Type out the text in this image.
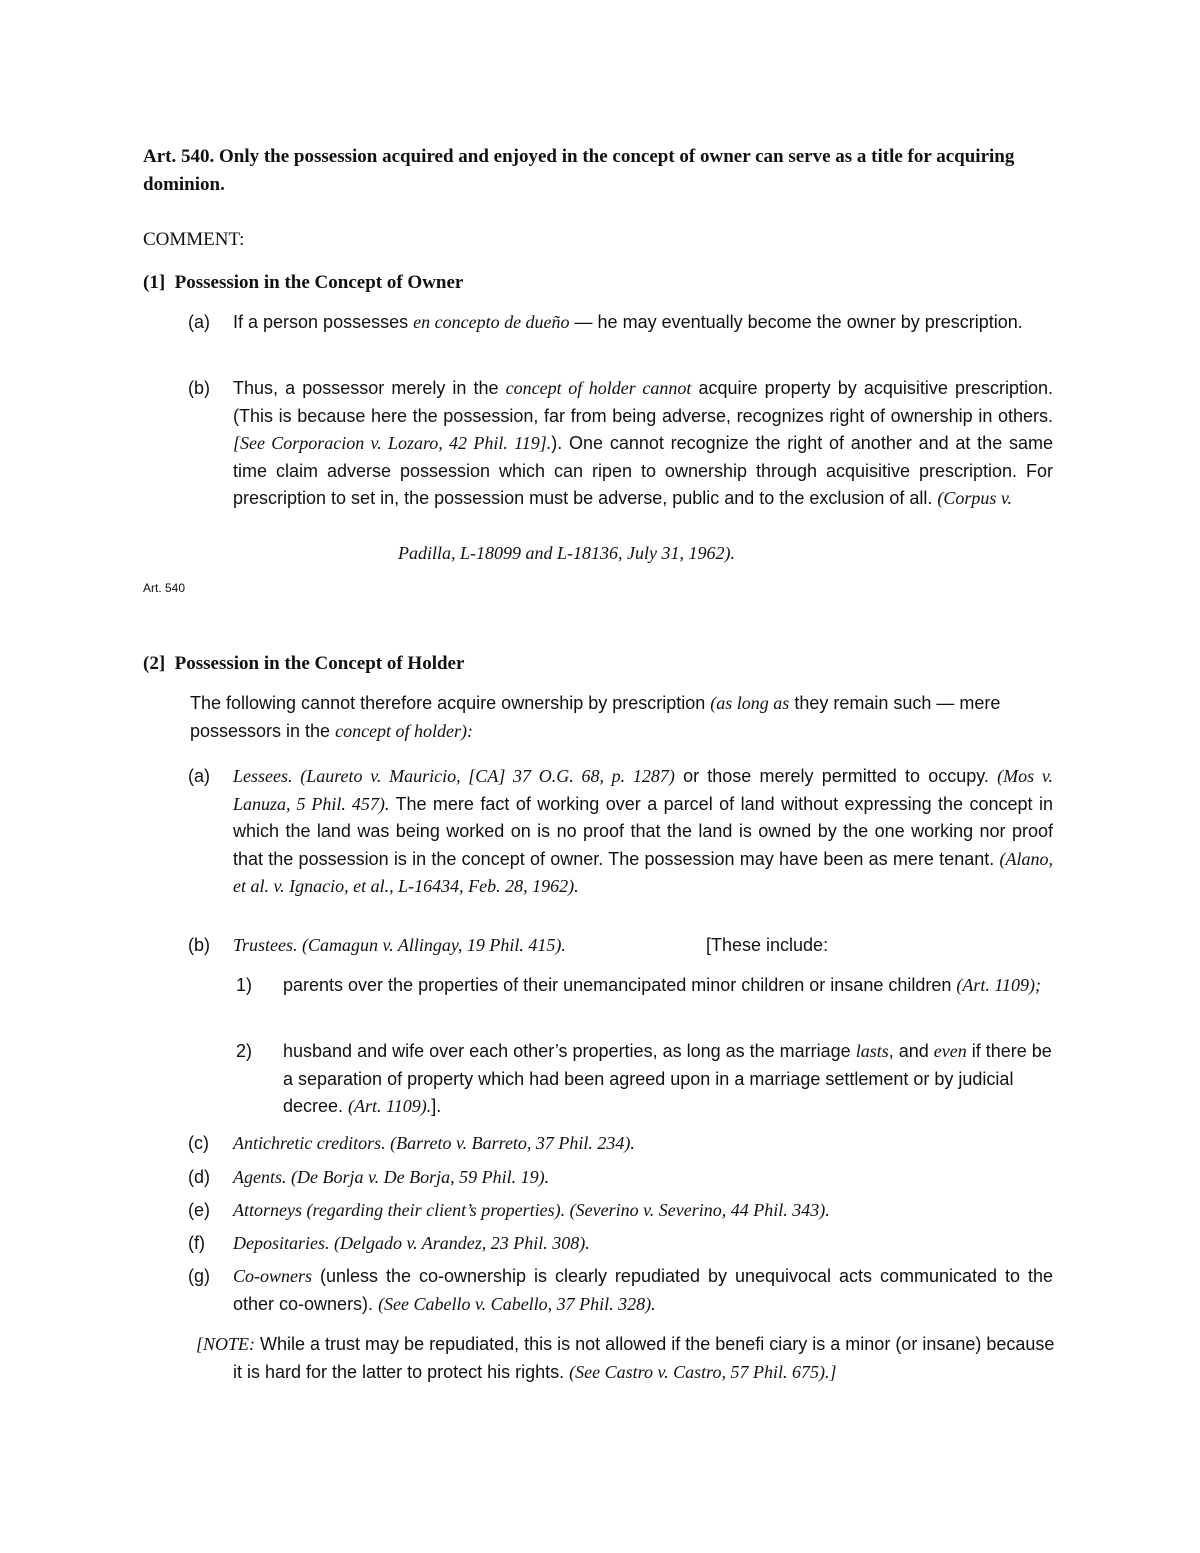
Art. 540. Only the possession acquired and enjoyed in the concept of owner can serve as a title for acquiring dominion.
COMMENT:
(1] Possession in the Concept of Owner
(a) If a person possesses en concepto de dueño — he may eventually become the owner by prescription.
(b) Thus, a possessor merely in the concept of holder cannot acquire property by acquisitive prescription. (This is because here the possession, far from being adverse, recognizes right of ownership in others. [See Corporacion v. Lozaro, 42 Phil. 119].). One cannot recognize the right of another and at the same time claim adverse possession which can ripen to ownership through acquisitive prescription. For prescription to set in, the possession must be adverse, public and to the exclusion of all. (Corpus v.
Padilla, L-18099 and L-18136, July 31, 1962).
Art. 540
(2] Possession in the Concept of Holder
The following cannot therefore acquire ownership by prescription (as long as they remain such — mere possessors in the concept of holder):
(a) Lessees. (Laureto v. Mauricio, [CA] 37 O.G. 68, p. 1287) or those merely permitted to occupy. (Mos v. Lanuza, 5 Phil. 457). The mere fact of working over a parcel of land without expressing the concept in which the land was being worked on is no proof that the land is owned by the one working nor proof that the possession is in the concept of owner. The possession may have been as mere tenant. (Alano, et al. v. Ignacio, et al., L-16434, Feb. 28, 1962).
(b) Trustees. (Camagun v. Allingay, 19 Phil. 415).	[These include:
1) parents over the properties of their unemancipated minor children or insane children (Art. 1109);
2) husband and wife over each other’s properties, as long as the marriage lasts, and even if there be a separation of property which had been agreed upon in a marriage settlement or by judicial decree. (Art. 1109).].
(c) Antichretic creditors. (Barreto v. Barreto, 37 Phil. 234).
(d) Agents. (De Borja v. De Borja, 59 Phil. 19).
(e) Attorneys (regarding their client’s properties). (Severino v. Severino, 44 Phil. 343).
(f) Depositaries. (Delgado v. Arandez, 23 Phil. 308).
(g) Co-owners (unless the co-ownership is clearly repudiated by unequivocal acts communicated to the other co-owners). (See Cabello v. Cabello, 37 Phil. 328).
[NOTE: While a trust may be repudiated, this is not allowed if the benefi ciary is a minor (or insane) because it is hard for the latter to protect his rights. (See Castro v. Castro, 57 Phil. 675).]
